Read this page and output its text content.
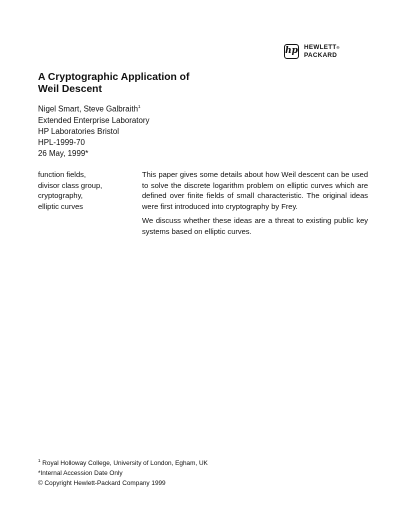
hp HEWLETT®
PACKARD
A Cryptographic Application of
Weil Descent
Nigel Smart, Steve Galbraith$^1$
Extended Enterprise Laboratory
HP Laboratories Bristol
HPL-1999-70
26 May, 1999*
function fields,
divisor class group,
cryptography,
elliptic curves

This paper gives some details about how Weil descent can be used to solve the discrete logarithm problem on elliptic curves which are defined over finite fields of small characteristic. The original ideas were first introduced into cryptography by Frey.

We discuss whether these ideas are a threat to existing public key systems based on elliptic curves.

$^1$ Royal Holloway College, University of London, Egham, UK
*Internal Accession Date Only
© Copyright Hewlett-Packard Company 1999
